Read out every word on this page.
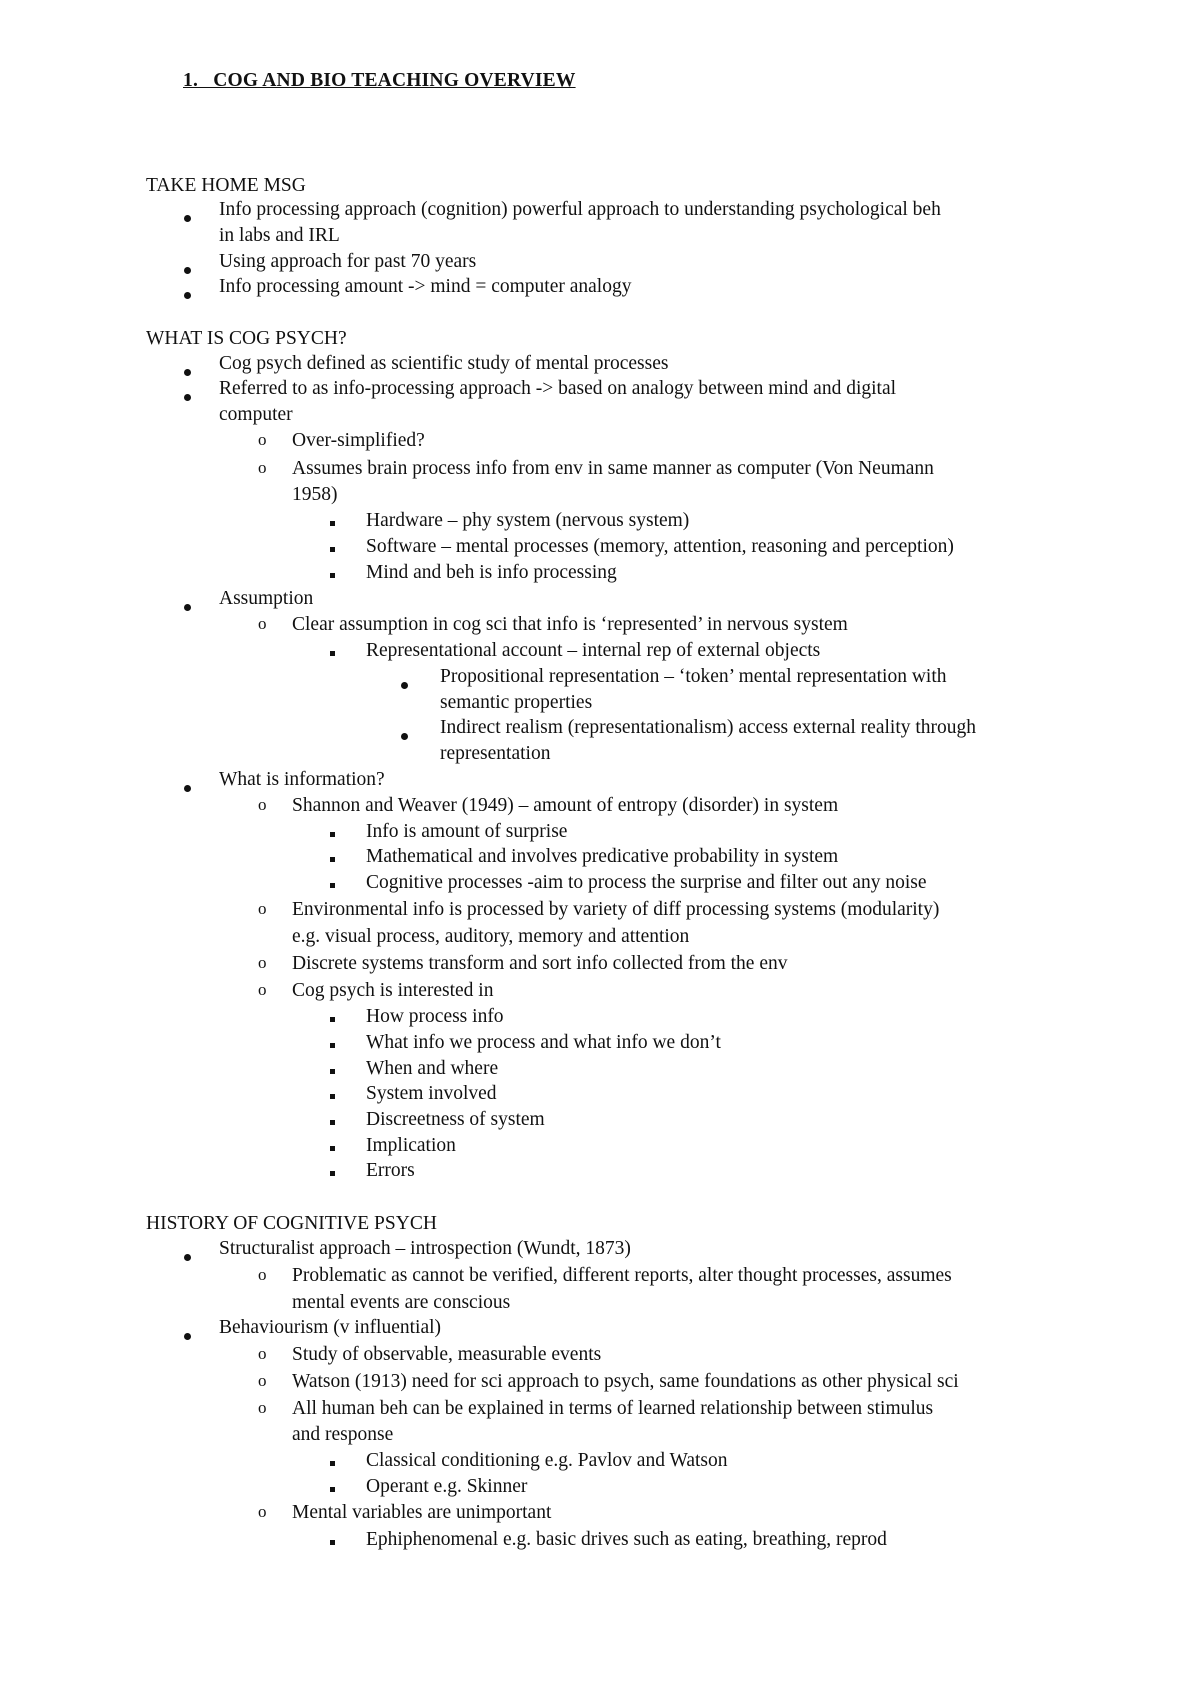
1.   COG AND BIO TEACHING OVERVIEW
TAKE HOME MSG
Info processing approach (cognition) powerful approach to understanding psychological beh
in labs and IRL
Using approach for past 70 years
Info processing amount -> mind = computer analogy
WHAT IS COG PSYCH?
Cog psych defined as scientific study of mental processes
Referred to as info-processing approach -> based on analogy between mind and digital
computer
o Over-simplified?
o Assumes brain process info from env in same manner as computer (Von Neumann
1958)
Hardware – phy system (nervous system)
Software – mental processes (memory, attention, reasoning and perception)
Mind and beh is info processing
Assumption
o Clear assumption in cog sci that info is ‘represented’ in nervous system
Representational account – internal rep of external objects
Propositional representation – ‘token’ mental representation with
semantic properties
Indirect realism (representationalism) access external reality through
representation
What is information?
o Shannon and Weaver (1949) – amount of entropy (disorder) in system
Info is amount of surprise
Mathematical and involves predicative probability in system
Cognitive processes -aim to process the surprise and filter out any noise
o Environmental info is processed by variety of diff processing systems (modularity)
e.g. visual process, auditory, memory and attention
o Discrete systems transform and sort info collected from the env
o Cog psych is interested in
How process info
What info we process and what info we don’t
When and where
System involved
Discreetness of system
Implication
Errors
HISTORY OF COGNITIVE PSYCH
Structuralist approach – introspection (Wundt, 1873)
o Problematic as cannot be verified, different reports, alter thought processes, assumes
mental events are conscious
Behaviourism (v influential)
o Study of observable, measurable events
o Watson (1913) need for sci approach to psych, same foundations as other physical sci
o All human beh can be explained in terms of learned relationship between stimulus
and response
Classical conditioning e.g. Pavlov and Watson
Operant e.g. Skinner
o Mental variables are unimportant
Ephiphenomenal e.g. basic drives such as eating, breathing, reprod
